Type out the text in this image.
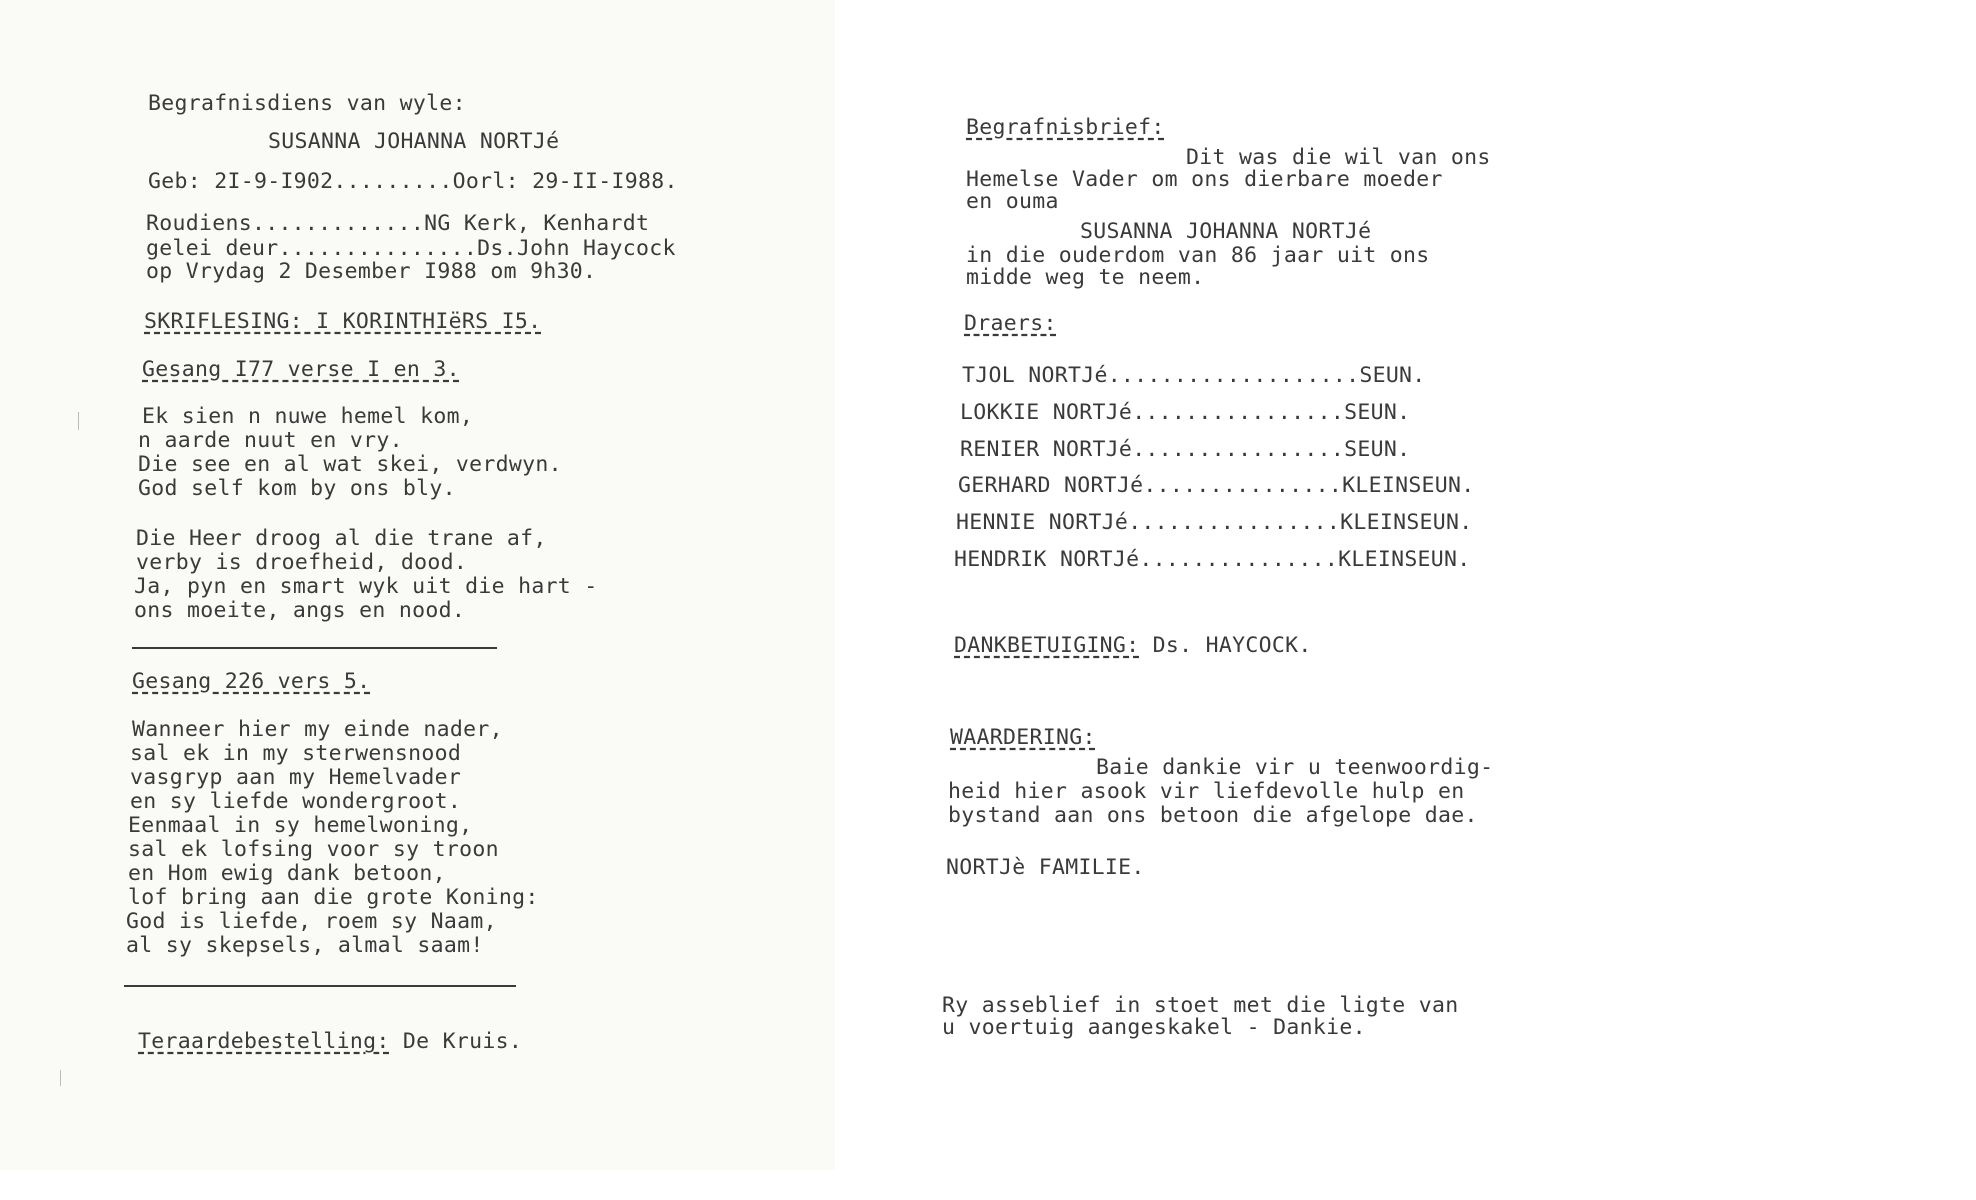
Begrafnisdiens van wyle:
SUSANNA JOHANNA NORTJé
Geb: 2I-9-I902.........Oorl: 29-II-I988.
Roudiens.............NG Kerk, Kenhardt
gelei deur...............Ds.John Haycock
op Vrydag 2 Desember I988 om 9h30.
SKRIFLESING: I KORINTHIëRS I5.
Gesang I77 verse I en 3.
Ek sien n nuwe hemel kom,
n aarde nuut en vry.
Die see en al wat skei, verdwyn.
God self kom by ons bly.
Die Heer droog al die trane af,
verby is droefheid, dood.
Ja, pyn en smart wyk uit die hart -
ons moeite, angs en nood.
Gesang 226 vers 5.
Wanneer hier my einde nader,
sal ek in my sterwensnood
vasgryp aan my Hemelvader
en sy liefde wondergroot.
Eenmaal in sy hemelwoning,
sal ek lofsing voor sy troon
en Hom ewig dank betoon,
lof bring aan die grote Koning:
God is liefde, roem sy Naam,
al sy skepsels, almal saam!
Teraardebestelling: De Kruis.
Begrafnisbrief:
Dit was die wil van ons
Hemelse Vader om ons dierbare moeder
en ouma
SUSANNA JOHANNA NORTJé
in die ouderdom van 86 jaar uit ons
midde weg te neem.
Draers:
TJOL NORTJé...................SEUN.
LOKKIE NORTJé................SEUN.
RENIER NORTJé................SEUN.
GERHARD NORTJé...............KLEINSEUN.
HENNIE NORTJé................KLEINSEUN.
HENDRIK NORTJé...............KLEINSEUN.
DANKBETUIGING: Ds. HAYCOCK.
WAARDERING:
Baie dankie vir u teenwoordig-
heid hier asook vir liefdevolle hulp en
bystand aan ons betoon die afgelope dae.
NORTJè FAMILIE.
Ry asseblief in stoet met die ligte van
u voertuig aangeskakel - Dankie.
